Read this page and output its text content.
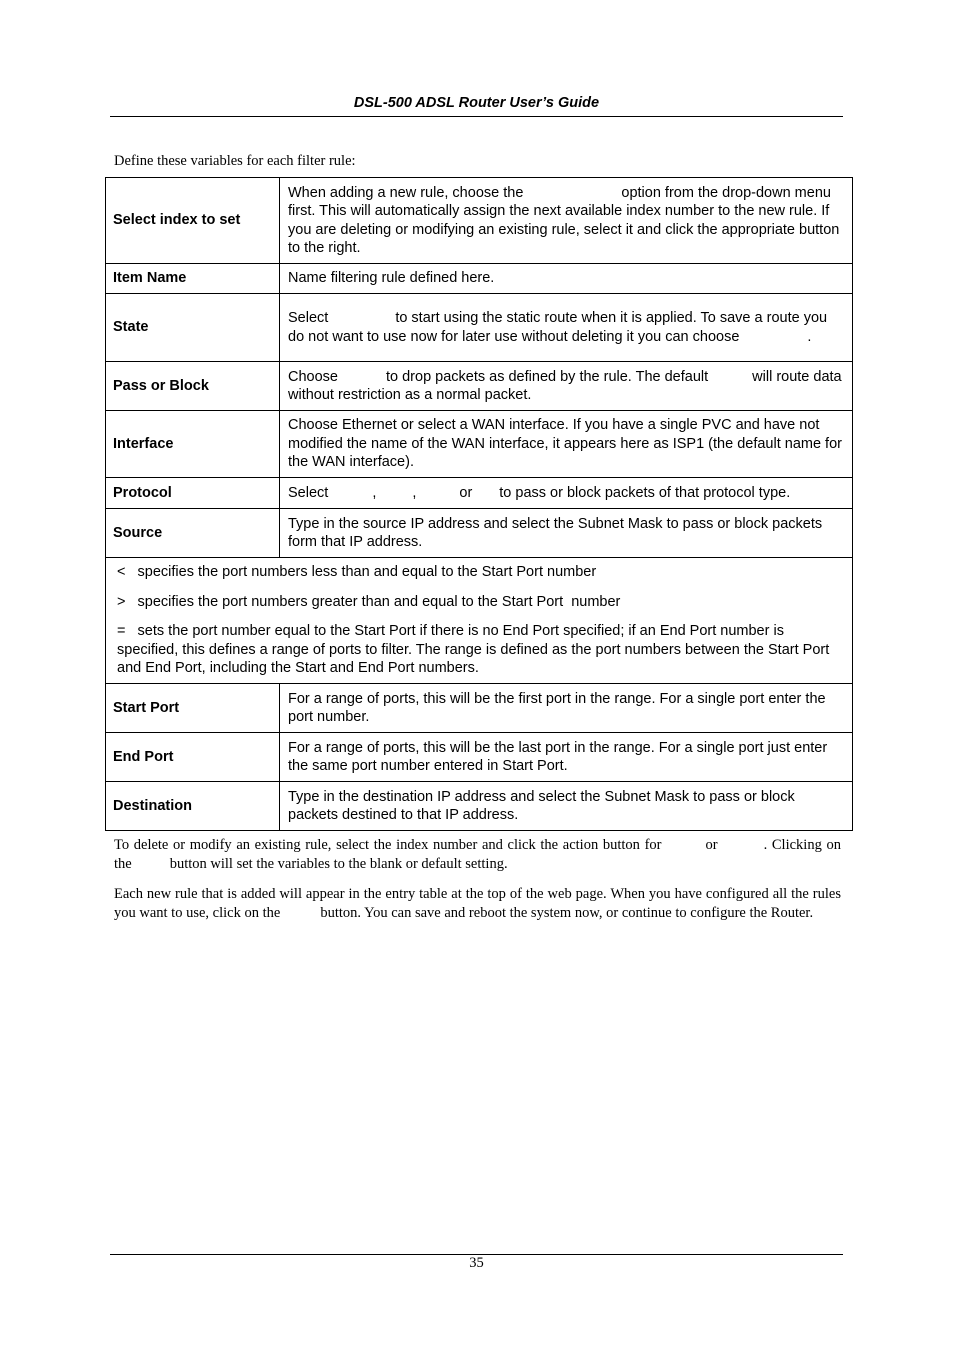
DSL-500 ADSL Router User’s Guide
Define these variables for each filter rule:
Select index to set	When adding a new rule, choose the option from the drop-down menu first. This will automatically assign the next available index number to the new rule. If you are deleting or modifying an existing rule, select it and click the appropriate button to the right.
Item Name	Name filtering rule defined here.
State	Select to start using the static route when it is applied. To save a route you do not want to use now for later use without deleting it you can choose .
Pass or Block	Choose to drop packets as defined by the rule. The default will route data without restriction as a normal packet.
Interface	Choose Ethernet or select a WAN interface. If you have a single PVC and have not modified the name of the WAN interface, it appears here as ISP1 (the default name for the WAN interface).
Protocol	Select , , or to pass or block packets of that protocol type.
Source	Type in the source IP address and select the Subnet Mask to pass or block packets form that IP address.

<   specifies the port numbers less than and equal to the Start Port number

>   specifies the port numbers greater than and equal to the Start Port  number

=   sets the port number equal to the Start Port if there is no End Port specified; if an End Port number is specified, this defines a range of ports to filter. The range is defined as the port numbers between the Start Port and End Port, including the Start and End Port numbers.	

Start Port	For a range of ports, this will be the first port in the range. For a single port enter the port number.
End Port	For a range of ports, this will be the last port in the range. For a single port just enter the same port number entered in Start Port.
Destination	Type in the destination IP address and select the Subnet Mask to pass or block packets destined to that IP address.

To delete or modify an existing rule, select the index number and click the action button for	or	. Clicking on the	button will set the variables to the blank or default setting.

Each new rule that is added will appear in the entry table at the top of the web page. When you have configured all the rules you want to use, click on the	button. You can save and reboot the system now, or continue to configure the Router.

35
